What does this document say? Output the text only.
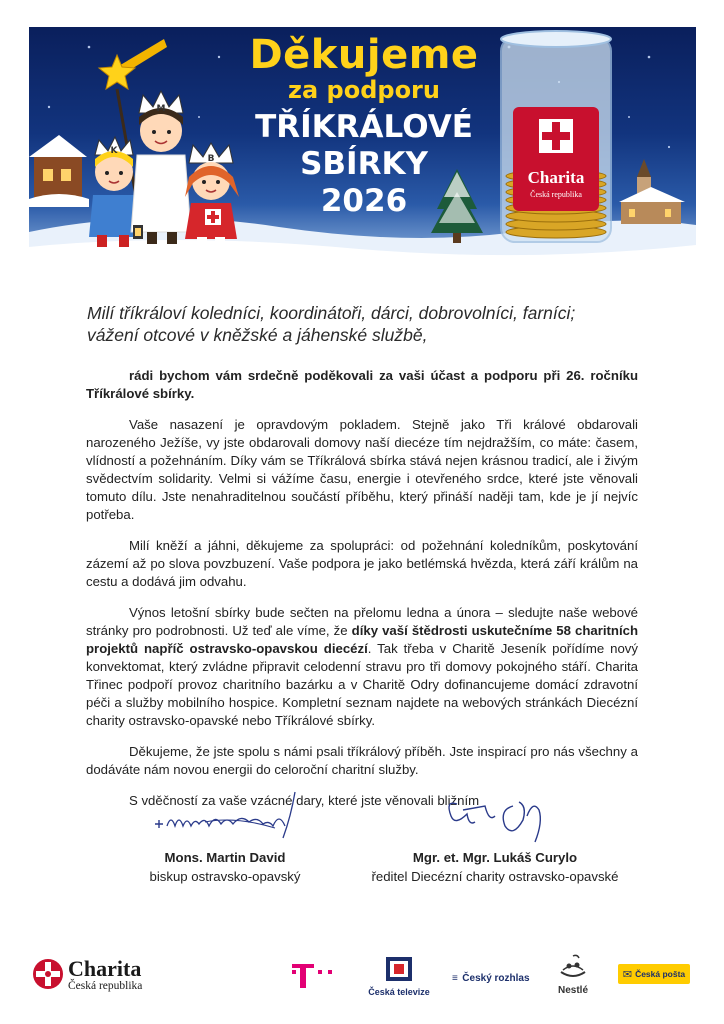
K
M
B
Charita
Česká republika
Děkujeme
za podporu
TŘÍKRÁLOVÉ
SBÍRKY
2026
Milí tříkráloví koledníci, koordinátoři, dárci, dobrovolníci, farníci;
vážení otcové v kněžské a jáhenské službě,

rádi bychom vám srdečně poděkovali za vaši účast a podporu při 26. ročníku Tříkrálové sbírky.

Vaše nasazení je opravdovým pokladem. Stejně jako Tři králové obdarovali narozeného Ježíše, vy jste obdarovali domovy naší diecéze tím nejdražším, co máte: časem, vlídností a požehnáním. Díky vám se Tříkrálová sbírka stává nejen krásnou tradicí, ale i živým svědectvím solidarity. Velmi si vážíme času, energie i otevřeného srdce, které jste věnovali tomuto dílu. Jste nenahraditelnou součástí příběhu, který přináší naději tam, kde je jí nejvíc potřeba.

Milí kněží a jáhni, děkujeme za spolupráci: od požehnání koledníkům, poskytování zázemí až po slova povzbuzení. Vaše podpora je jako betlémská hvězda, která září králům na cestu a dodává jim odvahu.

Výnos letošní sbírky bude sečten na přelomu ledna a února – sledujte naše webové stránky pro podrobnosti. Už teď ale víme, že díky vaší štědrosti uskutečníme 58 charitních projektů napříč ostravsko-opavskou diecézí. Tak třeba v Charitě Jeseník pořídíme nový konvektomat, který zvládne připravit celodenní stravu pro tři domovy pokojného stáří. Charita Třinec podpoří provoz charitního bazárku a v Charitě Odry dofinancujeme domácí zdravotní péči a služby mobilního hospice. Kompletní seznam najdete na webových stránkách Diecézní charity ostravsko-opavské nebo Tříkrálové sbírky.

Děkujeme, že jste spolu s námi psali tříkrálový příběh. Jste inspirací pro nás všechny a dodáváte nám novou energii do celoroční charitní služby.

S vděčností za vaše vzácné dary, které jste věnovali bližním

Mons. Martin David
biskup ostravsko-opavský
Mgr. et. Mgr. Lukáš Curylo
ředitel Diecézní charity ostravsko-opavské
Charita
Česká republika	Česká televize
≡ Český rozhlas
Nestlé
✉ Česká pošta
